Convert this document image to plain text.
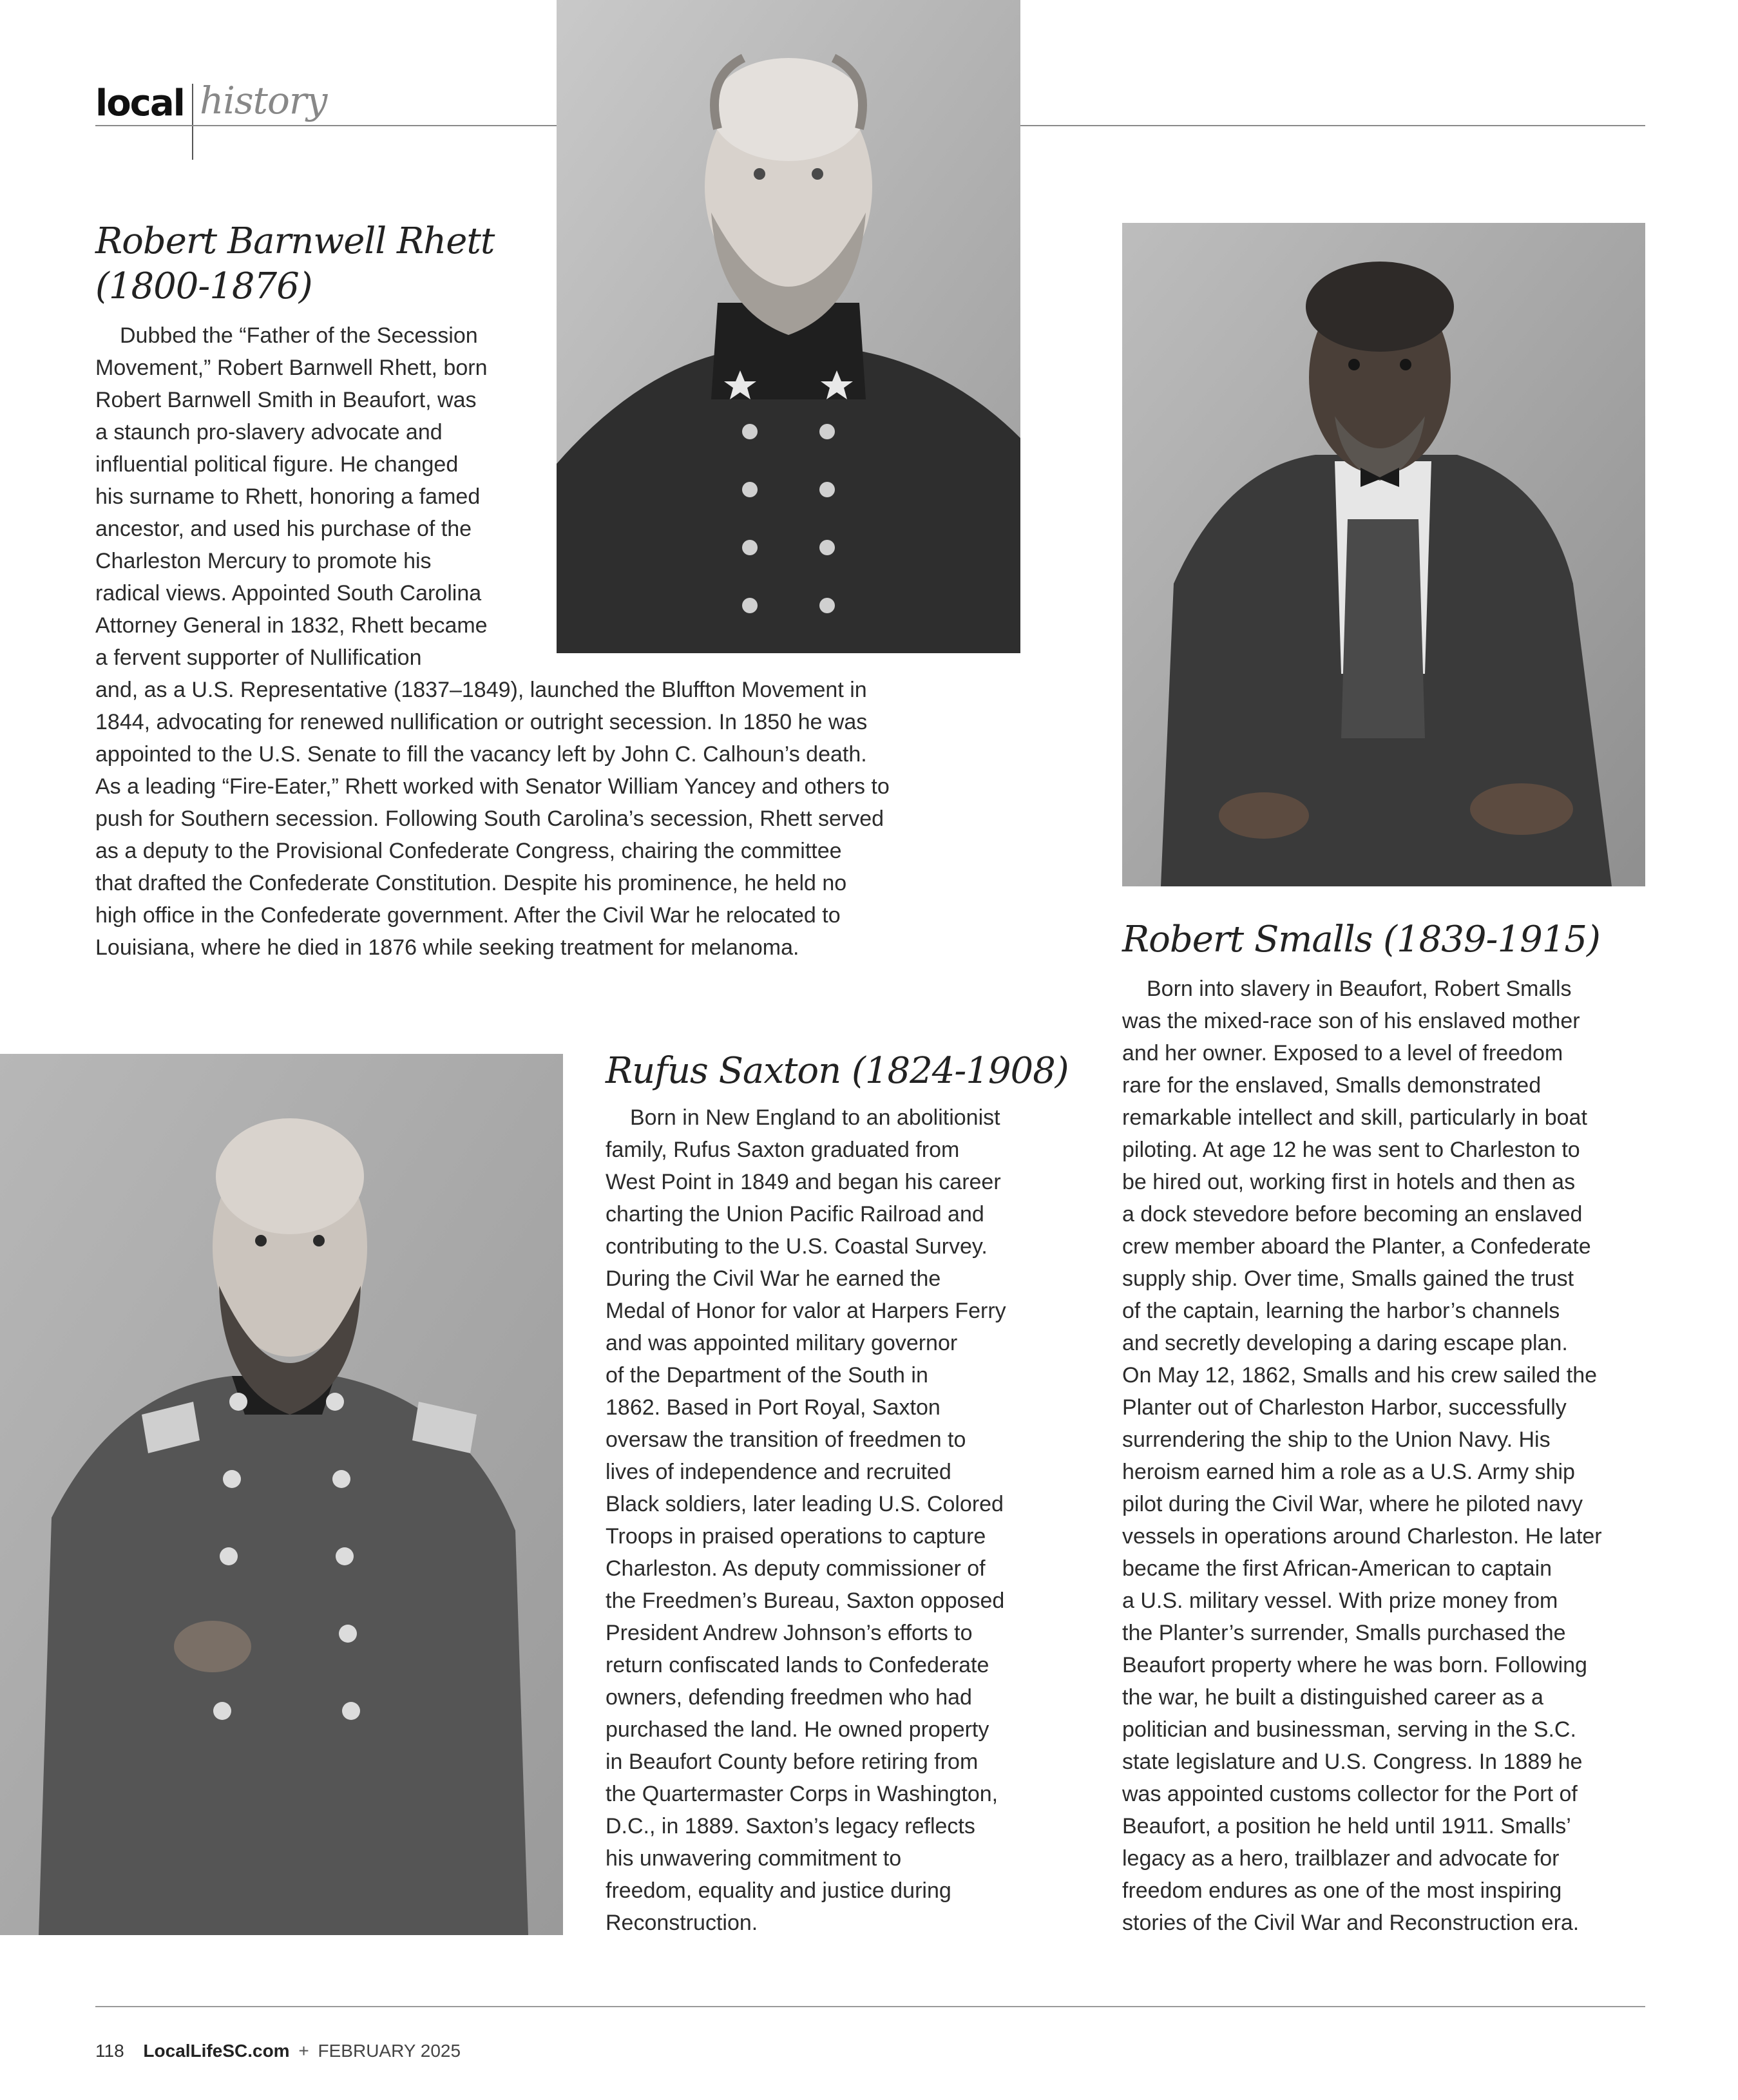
local history
Robert Barnwell Rhett
(1800-1876)

Dubbed the “Father of the Secession
Movement,” Robert Barnwell Rhett, born
Robert Barnwell Smith in Beaufort, was
a staunch pro-slavery advocate and
influential political figure. He changed
his surname to Rhett, honoring a famed
ancestor, and used his purchase of the
Charleston Mercury to promote his
radical views. Appointed South Carolina
Attorney General in 1832, Rhett became
a fervent supporter of Nullification

and, as a U.S. Representative (1837–1849), launched the Bluffton Movement in
1844, advocating for renewed nullification or outright secession. In 1850 he was
appointed to the U.S. Senate to fill the vacancy left by John C. Calhoun’s death.
As a leading “Fire-Eater,” Rhett worked with Senator William Yancey and others to
push for Southern secession. Following South Carolina’s secession, Rhett served
as a deputy to the Provisional Confederate Congress, chairing the committee
that drafted the Confederate Constitution. Despite his prominence, he held no
high office in the Confederate government. After the Civil War he relocated to
Louisiana, where he died in 1876 while seeking treatment for melanoma.

Rufus Saxton (1824-1908)

Born in New England to an abolitionist
family, Rufus Saxton graduated from
West Point in 1849 and began his career
charting the Union Pacific Railroad and
contributing to the U.S. Coastal Survey.
During the Civil War he earned the
Medal of Honor for valor at Harpers Ferry
and was appointed military governor
of the Department of the South in
1862. Based in Port Royal, Saxton
oversaw the transition of freedmen to
lives of independence and recruited
Black soldiers, later leading U.S. Colored
Troops in praised operations to capture
Charleston. As deputy commissioner of
the Freedmen’s Bureau, Saxton opposed
President Andrew Johnson’s efforts to
return confiscated lands to Confederate
owners, defending freedmen who had
purchased the land. He owned property
in Beaufort County before retiring from
the Quartermaster Corps in Washington,
D.C., in 1889. Saxton’s legacy reflects
his unwavering commitment to
freedom, equality and justice during
Reconstruction.

Robert Smalls (1839-1915)

Born into slavery in Beaufort, Robert Smalls
was the mixed-race son of his enslaved mother
and her owner. Exposed to a level of freedom
rare for the enslaved, Smalls demonstrated
remarkable intellect and skill, particularly in boat
piloting. At age 12 he was sent to Charleston to
be hired out, working first in hotels and then as
a dock stevedore before becoming an enslaved
crew member aboard the Planter, a Confederate
supply ship. Over time, Smalls gained the trust
of the captain, learning the harbor’s channels
and secretly developing a daring escape plan.
On May 12, 1862, Smalls and his crew sailed the
Planter out of Charleston Harbor, successfully
surrendering the ship to the Union Navy. His
heroism earned him a role as a U.S. Army ship
pilot during the Civil War, where he piloted navy
vessels in operations around Charleston. He later
became the first African-American to captain
a U.S. military vessel. With prize money from
the Planter’s surrender, Smalls purchased the
Beaufort property where he was born. Following
the war, he built a distinguished career as a
politician and businessman, serving in the S.C.
state legislature and U.S. Congress. In 1889 he
was appointed customs collector for the Port of
Beaufort, a position he held until 1911. Smalls’
legacy as a hero, trailblazer and advocate for
freedom endures as one of the most inspiring
stories of the Civil War and Reconstruction era.

118 LocalLifeSC.com + FEBRUARY 2025
